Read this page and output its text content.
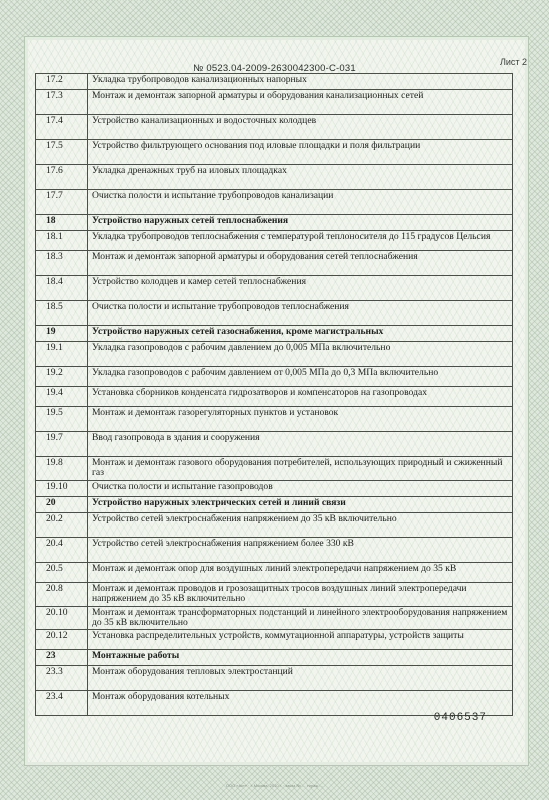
Лист 2
№ 0523.04-2009-2630042300-С-031
17.2	Укладка трубопроводов канализационных напорных
17.3	Монтаж и демонтаж запорной арматуры и оборудования канализационных сетей
17.4	Устройство канализационных и водосточных колодцев
17.5	Устройство фильтрующего основания под иловые площадки и поля фильтрации
17.6	Укладка дренажных труб на иловых площадках
17.7	Очистка полости и испытание трубопроводов канализации
18	Устройство наружных сетей теплоснабжения
18.1	Укладка трубопроводов теплоснабжения с температурой теплоносителя до 115 градусов Цельсия
18.3	Монтаж и демонтаж запорной арматуры и оборудования сетей теплоснабжения
18.4	Устройство колодцев и камер сетей теплоснабжения
18.5	Очистка полости и испытание трубопроводов теплоснабжения
19	Устройство наружных сетей газоснабжения, кроме магистральных
19.1	Укладка газопроводов с рабочим давлением до 0,005 МПа включительно
19.2	Укладка газопроводов с рабочим давлением от 0,005 МПа до 0,3 МПа включительно
19.4	Установка сборников конденсата гидрозатворов и компенсаторов на газопроводах
19.5	Монтаж и демонтаж газорегуляторных пунктов и установок
19.7	Ввод газопровода в здания и сооружения
19.8	Монтаж и демонтаж газового оборудования потребителей, использующих природный и сжиженный газ
19.10	Очистка полости и испытание газопроводов
20	Устройство наружных электрических сетей и линий связи
20.2	Устройство сетей электроснабжения напряжением до 35 кВ включительно
20.4	Устройство сетей электроснабжения напряжением более 330 кВ
20.5	Монтаж и демонтаж опор для воздушных линий электропередачи напряжением до 35 кВ
20.8	Монтаж и демонтаж проводов и грозозащитных тросов воздушных линий электропередачи напряжением до 35 кВ включительно
20.10	Монтаж и демонтаж трансформаторных подстанций и линейного электрооборудования напряжением до 35 кВ включительно
20.12	Установка распределительных устройств, коммутационной аппаратуры, устройств защиты
23	Монтажные работы
23.3	Монтаж оборудования тепловых электростанций
23.4	Монтаж оборудования котельных
0406537
ООО «Акт» · г. Москва, 2010 г. · заказ № … тираж …
